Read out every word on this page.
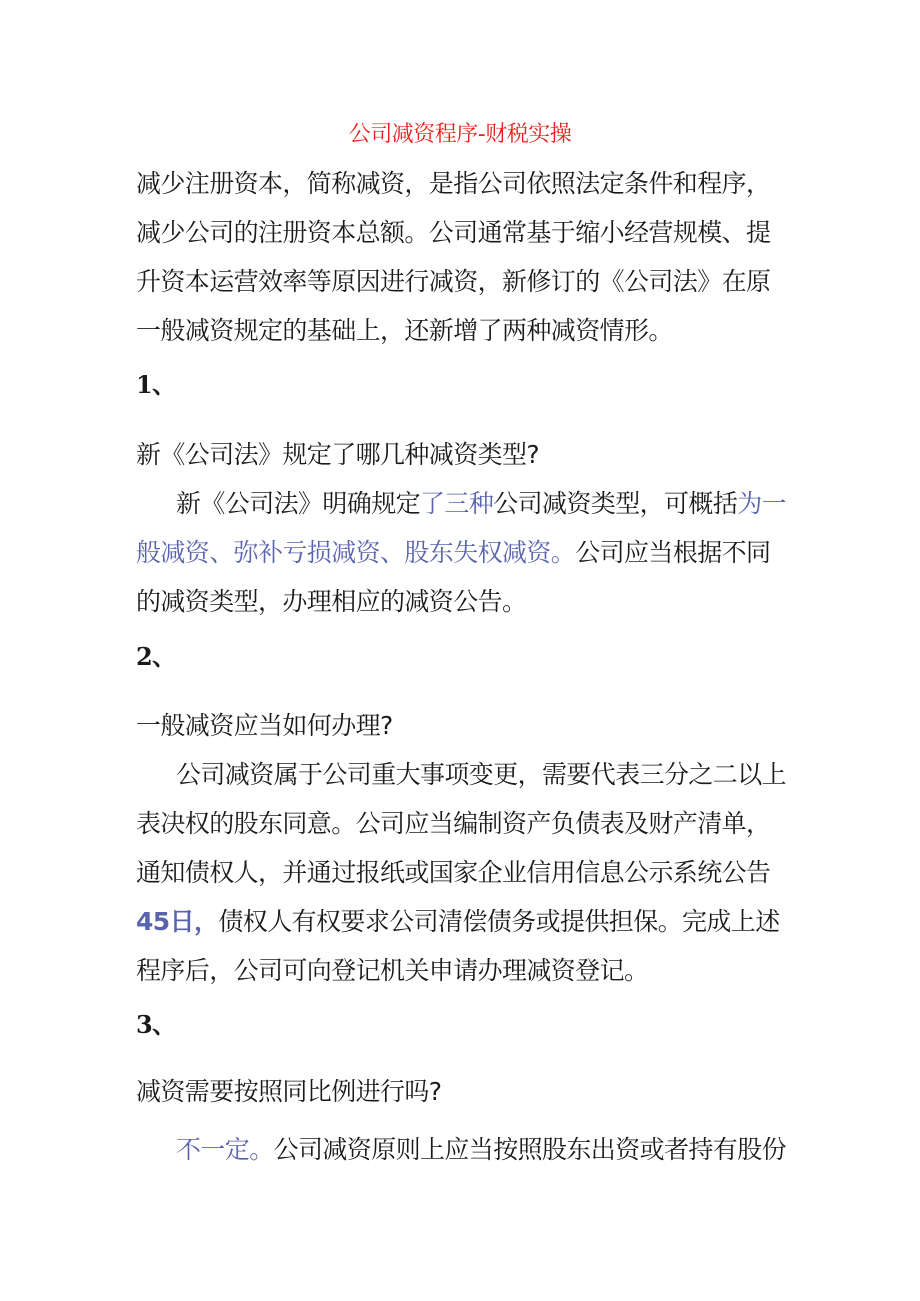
公司减资程序-财税实操
减少注册资本，简称减资，是指公司依照法定条件和程序，
减少公司的注册资本总额。公司通常基于缩小经营规模、提
升资本运营效率等原因进行减资，新修订的《公司法》在原
一般减资规定的基础上，还新增了两种减资情形。
1、
新《公司法》规定了哪几种减资类型?
新《公司法》明确规定了三种公司减资类型，可概括为一
般减资、弥补亏损减资、股东失权减资。公司应当根据不同
的减资类型，办理相应的减资公告。
2、
一般减资应当如何办理?
公司减资属于公司重大事项变更，需要代表三分之二以上
表决权的股东同意。公司应当编制资产负债表及财产清单，
通知债权人，并通过报纸或国家企业信用信息公示系统公告
45日，债权人有权要求公司清偿债务或提供担保。完成上述
程序后，公司可向登记机关申请办理减资登记。
3、
减资需要按照同比例进行吗?
不一定。公司减资原则上应当按照股东出资或者持有股份
